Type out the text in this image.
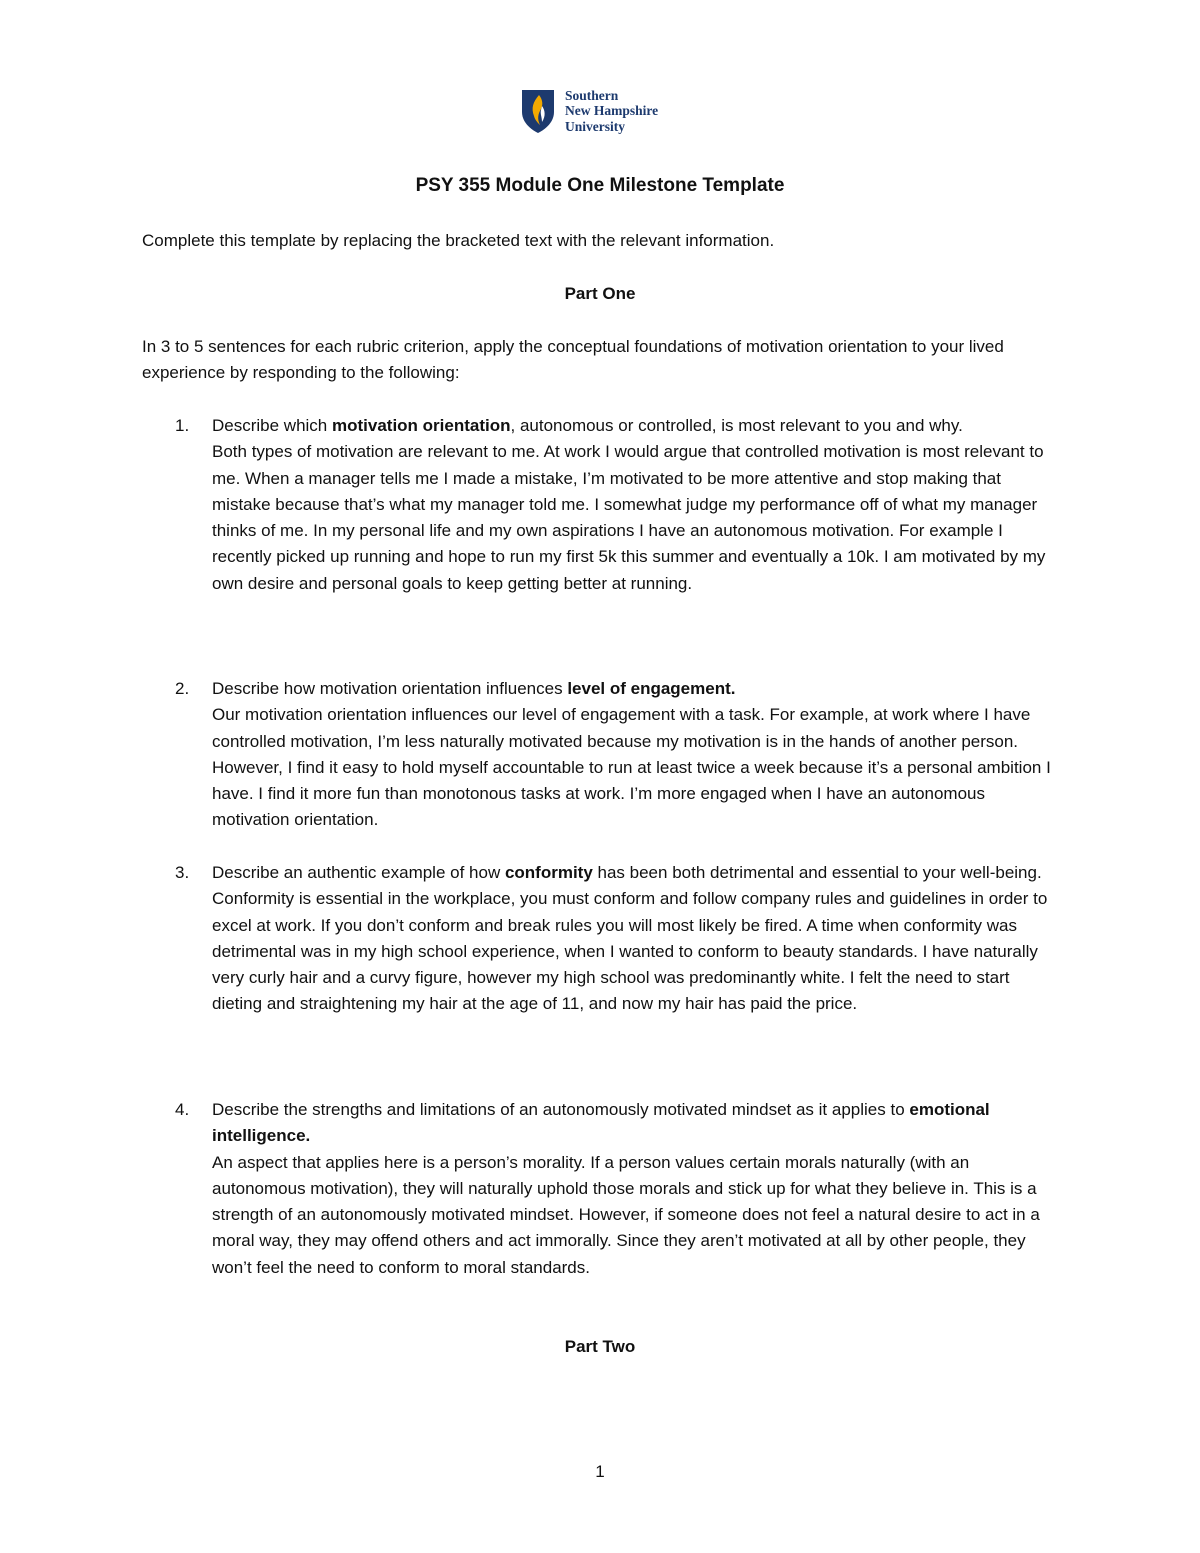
Southern
New Hampshire
University
PSY 355 Module One Milestone Template
Complete this template by replacing the bracketed text with the relevant information.
Part One
In 3 to 5 sentences for each rubric criterion, apply the conceptual foundations of motivation orientation to your lived experience by responding to the following:
1. Describe which motivation orientation, autonomous or controlled, is most relevant to you and why.
Both types of motivation are relevant to me. At work I would argue that controlled motivation is most relevant to me. When a manager tells me I made a mistake, I’m motivated to be more attentive and stop making that mistake because that’s what my manager told me. I somewhat judge my performance off of what my manager thinks of me. In my personal life and my own aspirations I have an autonomous motivation. For example I recently picked up running and hope to run my first 5k this summer and eventually a 10k. I am motivated by my own desire and personal goals to keep getting better at running.
2. Describe how motivation orientation influences level of engagement.
Our motivation orientation influences our level of engagement with a task. For example, at work where I have controlled motivation, I’m less naturally motivated because my motivation is in the hands of another person. However, I find it easy to hold myself accountable to run at least twice a week because it’s a personal ambition I have. I find it more fun than monotonous tasks at work. I’m more engaged when I have an autonomous motivation orientation.
3. Describe an authentic example of how conformity has been both detrimental and essential to your well-being.
Conformity is essential in the workplace, you must conform and follow company rules and guidelines in order to excel at work. If you don’t conform and break rules you will most likely be fired. A time when conformity was detrimental was in my high school experience, when I wanted to conform to beauty standards. I have naturally very curly hair and a curvy figure, however my high school was predominantly white. I felt the need to start dieting and straightening my hair at the age of 11, and now my hair has paid the price.
4. Describe the strengths and limitations of an autonomously motivated mindset as it applies to emotional intelligence.
An aspect that applies here is a person’s morality. If a person values certain morals naturally (with an autonomous motivation), they will naturally uphold those morals and stick up for what they believe in. This is a strength of an autonomously motivated mindset. However, if someone does not feel a natural desire to act in a moral way, they may offend others and act immorally. Since they aren’t motivated at all by other people, they won’t feel the need to conform to moral standards.
Part Two
1
